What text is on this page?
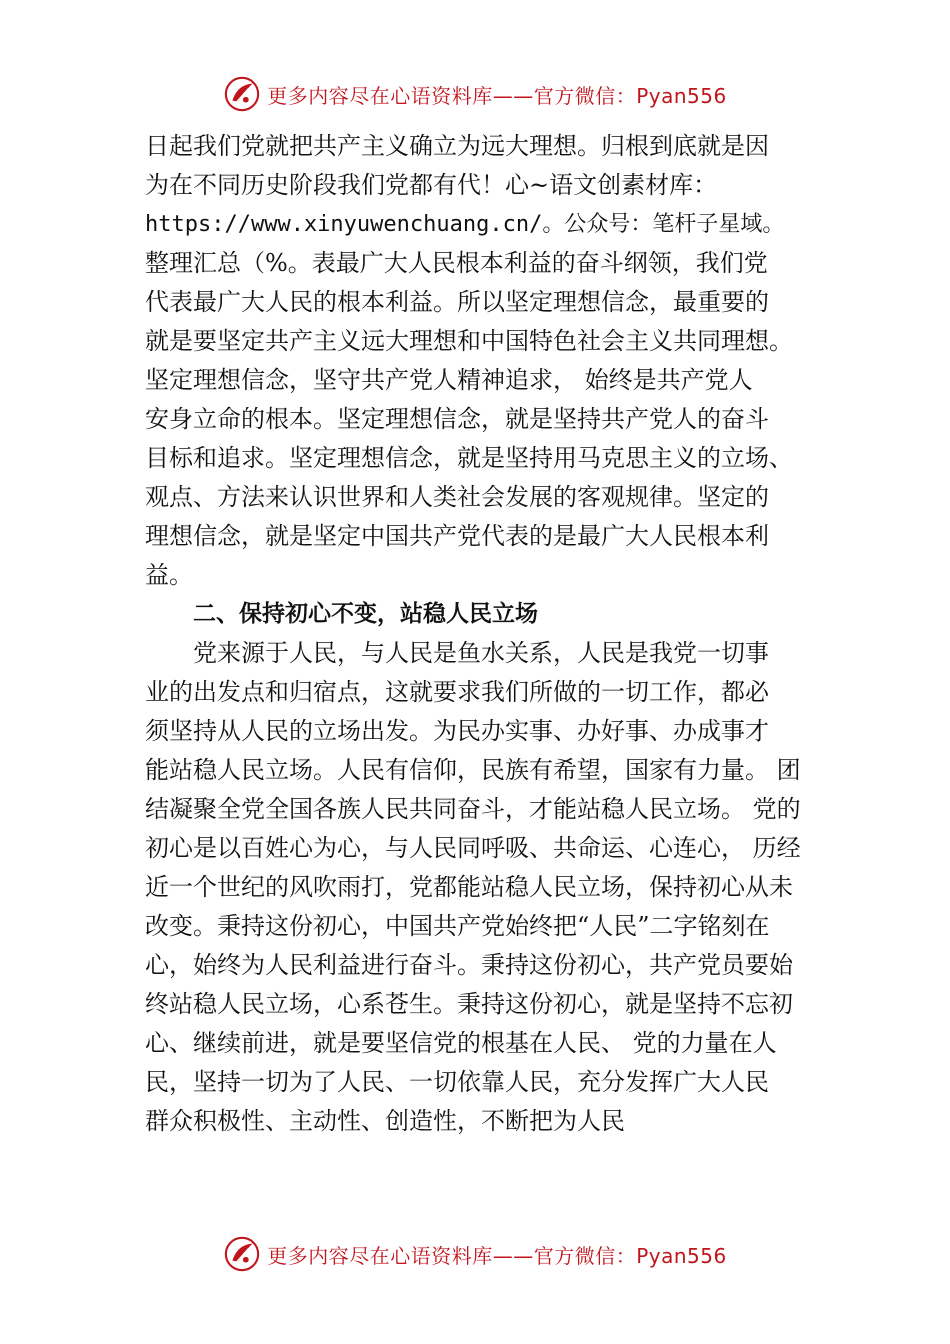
更多内容尽在心语资料库——官方微信：Pyan556
日起我们党就把共产主义确立为远大理想。归根到底就是因
为在不同历史阶段我们党都有代！心~语文创素材库：
https://www.xinyuwenchuang.cn/。公众号：笔杆子星域。
整理汇总（%。表最广大人民根本利益的奋斗纲领，我们党
代表最广大人民的根本利益。所以坚定理想信念，最重要的
就是要坚定共产主义远大理想和中国特色社会主义共同理想。
坚定理想信念，坚守共产党人精神追求， 始终是共产党人
安身立命的根本。坚定理想信念，就是坚持共产党人的奋斗
目标和追求。坚定理想信念，就是坚持用马克思主义的立场、
观点、方法来认识世界和人类社会发展的客观规律。坚定的
理想信念，就是坚定中国共产党代表的是最广大人民根本利
益。
二、保持初心不变，站稳人民立场
党来源于人民，与人民是鱼水关系，人民是我党一切事
业的出发点和归宿点，这就要求我们所做的一切工作，都必
须坚持从人民的立场出发。为民办实事、办好事、办成事才
能站稳人民立场。人民有信仰，民族有希望，国家有力量。 团
结凝聚全党全国各族人民共同奋斗，才能站稳人民立场。 党的
初心是以百姓心为心，与人民同呼吸、共命运、心连心， 历经
近一个世纪的风吹雨打，党都能站稳人民立场，保持初心从未
改变。秉持这份初心，中国共产党始终把“人民”二字铭刻在
心，始终为人民利益进行奋斗。秉持这份初心，共产党员要始
终站稳人民立场，心系苍生。秉持这份初心，就是坚持不忘初
心、继续前进，就是要坚信党的根基在人民、 党的力量在人
民，坚持一切为了人民、一切依靠人民，充分发挥广大人民
群众积极性、主动性、创造性，不断把为人民
更多内容尽在心语资料库——官方微信：Pyan556
